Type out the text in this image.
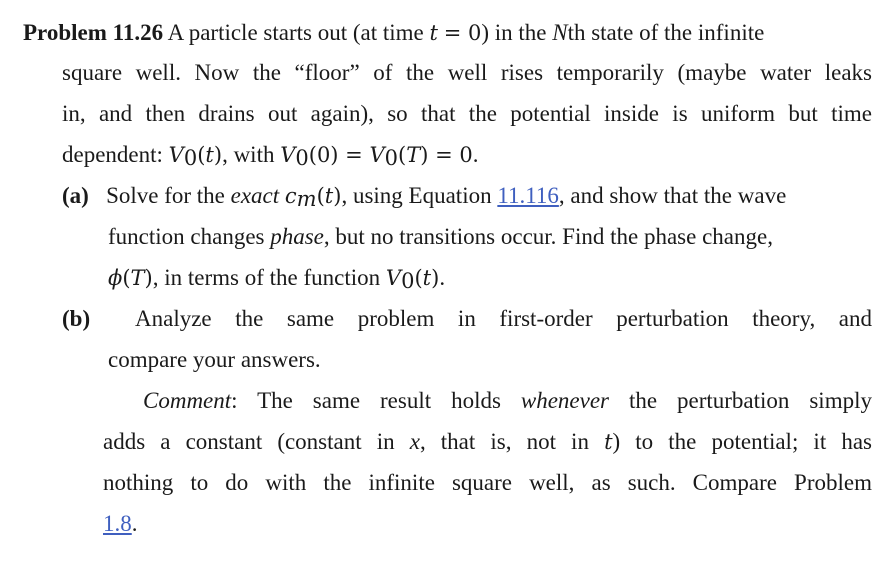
Problem 11.26 A particle starts out (at time t = 0) in the Nth state of the infinite
square well. Now the “floor” of the well rises temporarily (maybe water leaks
in, and then drains out again), so that the potential inside is uniform but time
dependent: $V_0(t)$, with $V_0(0) = V_0(T) = 0$.
(a) Solve for the exact $c_m(t)$, using Equation 11.116, and show that the wave
function changes phase, but no transitions occur. Find the phase change,
ϕ(T), in terms of the function $V_0(t)$.
(b) Analyze the same problem in first-order perturbation theory, and
compare your answers.
Comment: The same result holds whenever the perturbation simply
adds a constant (constant in x, that is, not in t) to the potential; it has
nothing to do with the infinite square well, as such. Compare Problem
1.8.
